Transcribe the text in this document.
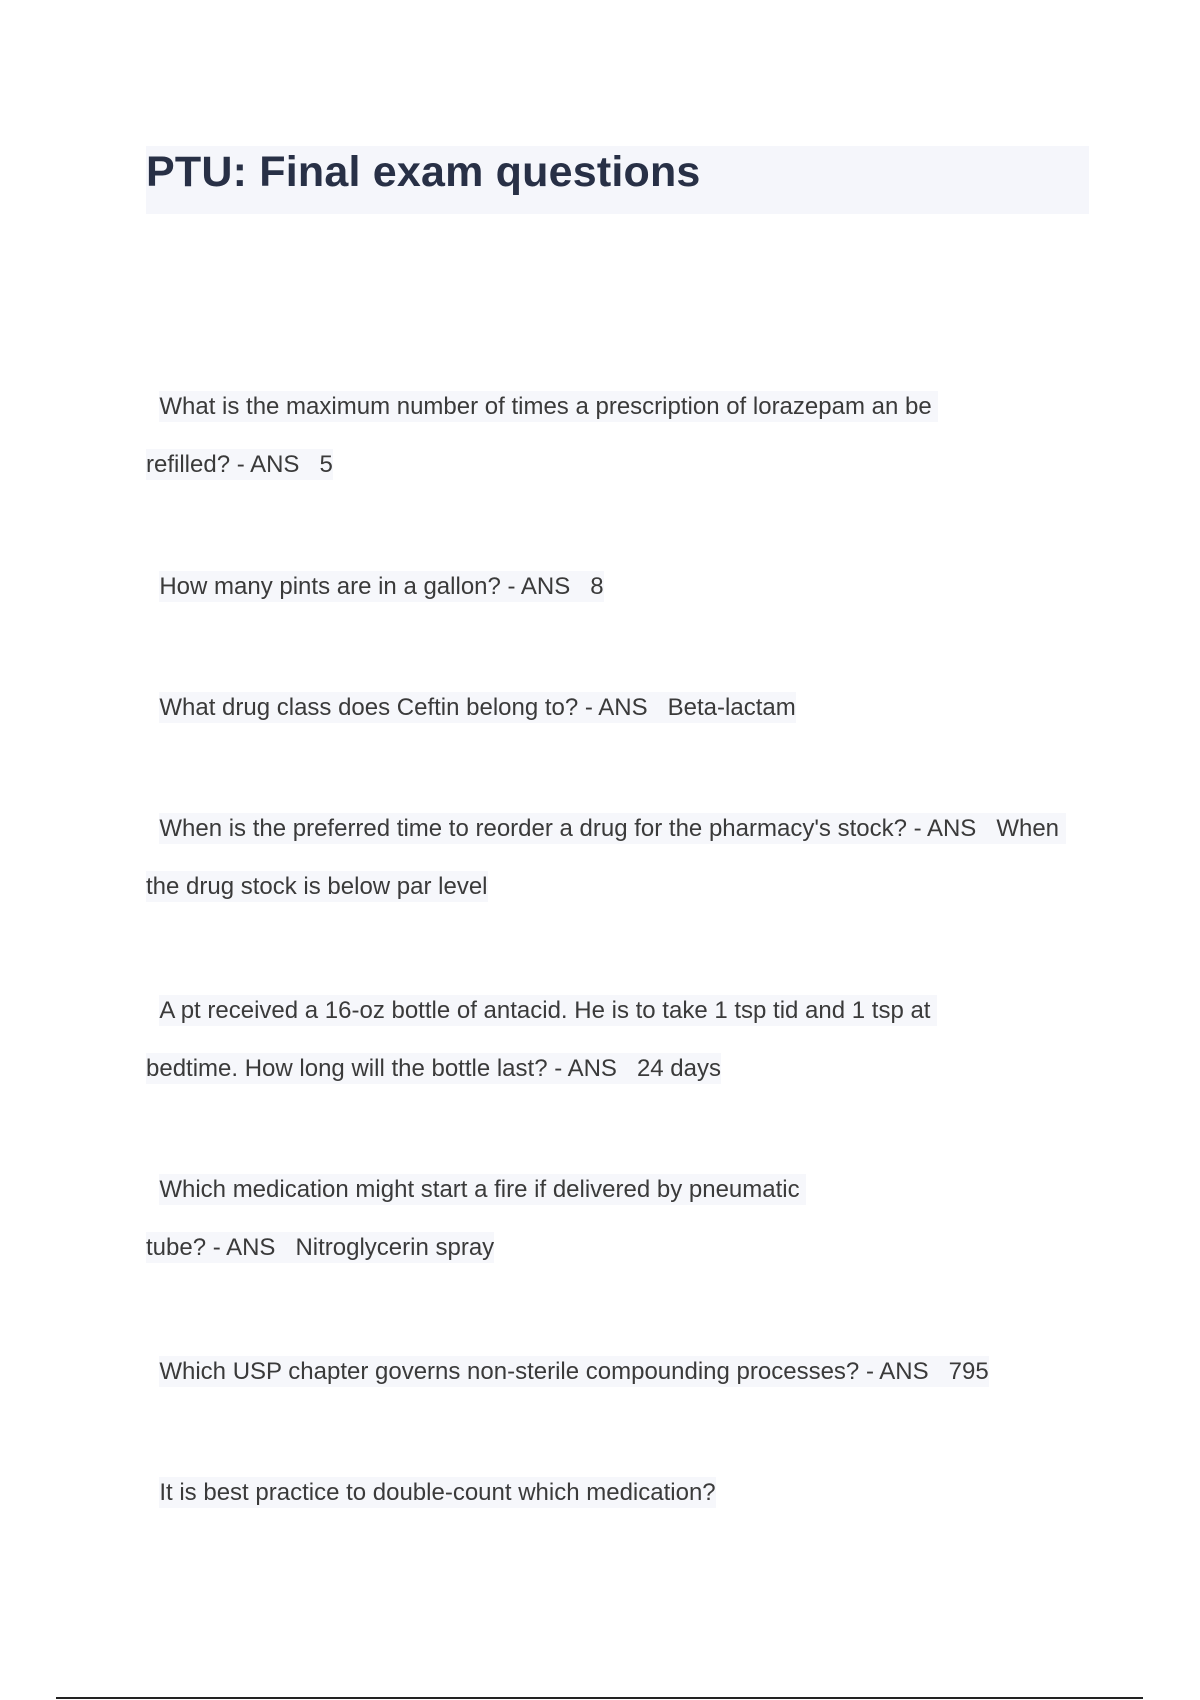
PTU: Final exam questions

What is the maximum number of times a prescription of lorazepam an be refilled? - ANS 5

How many pints are in a gallon? - ANS 8

What drug class does Ceftin belong to? - ANS Beta-lactam

When is the preferred time to reorder a drug for the pharmacy's stock? - ANS When the drug stock is below par level

A pt received a 16-oz bottle of antacid. He is to take 1 tsp tid and 1 tsp at bedtime. How long will the bottle last? - ANS 24 days

Which medication might start a fire if delivered by pneumatic tube? - ANS Nitroglycerin spray

Which USP chapter governs non-sterile compounding processes? - ANS 795

It is best practice to double-count which medication?
